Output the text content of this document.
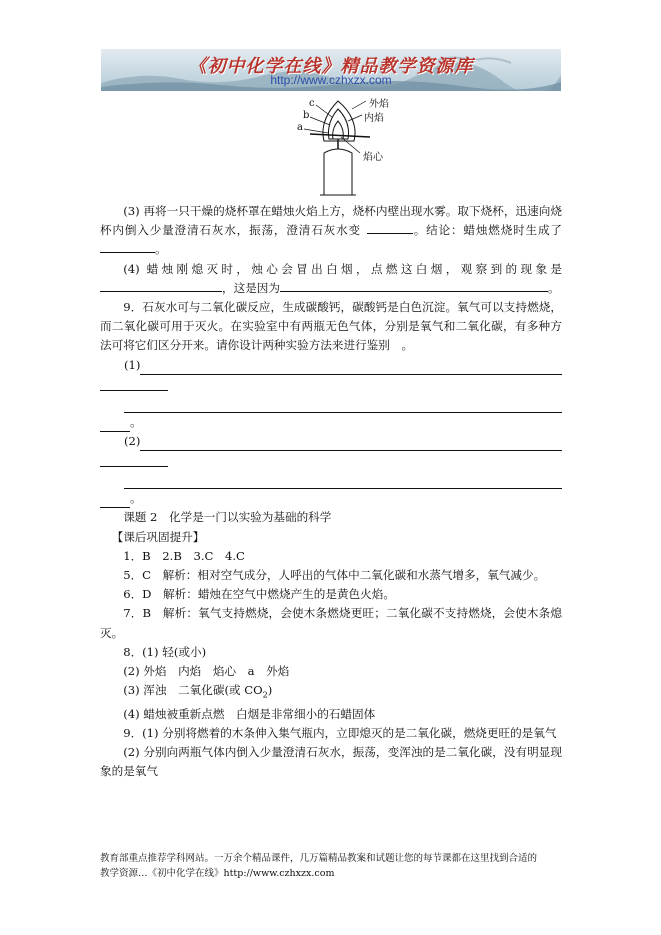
《初中化学在线》精品教学资源库
http://www.czhxzx.com
c
b
a
外焰
内焰
焰心

(3) 再将一只干燥的烧杯罩在蜡烛火焰上方，烧杯内壁出现水雾。取下烧杯，迅速向烧杯内倒入少量澄清石灰水，振荡，澄清石灰水变	。结论：蜡烛燃烧时生成了。

(4) 蜡烛刚熄灭时，烛心会冒出白烟，点燃这白烟，观察到的现象是，这是因为	。

9．石灰水可与二氧化碳反应，生成碳酸钙，碳酸钙是白色沉淀。氧气可以支持燃烧，而二氧化碳可用于灭火。在实验室中有两瓶无色气体，分别是氧气和二氧化碳，有多种方法可将它们区分开来。请你设计两种实验方法来进行鉴别　。

(1)
。
(2)
。

课题 2　化学是一门以实验为基础的科学

【课后巩固提升】

1．B　2.B　3.C　4.C

5．C　解析：相对空气成分，人呼出的气体中二氧化碳和水蒸气增多，氧气减少。

6．D　解析：蜡烛在空气中燃烧产生的是黄色火焰。

7．B　解析：氧气支持燃烧，会使木条燃烧更旺；二氧化碳不支持燃烧，会使木条熄灭。

8．(1) 轻(或小)

(2) 外焰　内焰　焰心　a　外焰

(3) 浑浊　二氧化碳(或 $CO_2$)

(4) 蜡烛被重新点燃　白烟是非常细小的石蜡固体

9．(1) 分别将燃着的木条伸入集气瓶内，立即熄灭的是二氧化碳，燃烧更旺的是氧气

(2) 分别向两瓶气体内倒入少量澄清石灰水，振荡，变浑浊的是二氧化碳，没有明显现象的是氧气

教育部重点推荐学科网站。一万余个精品课件，几万篇精品教案和试题让您的每节课都在这里找到合适的
教学资源…《初中化学在线》http://www.czhxzx.com
